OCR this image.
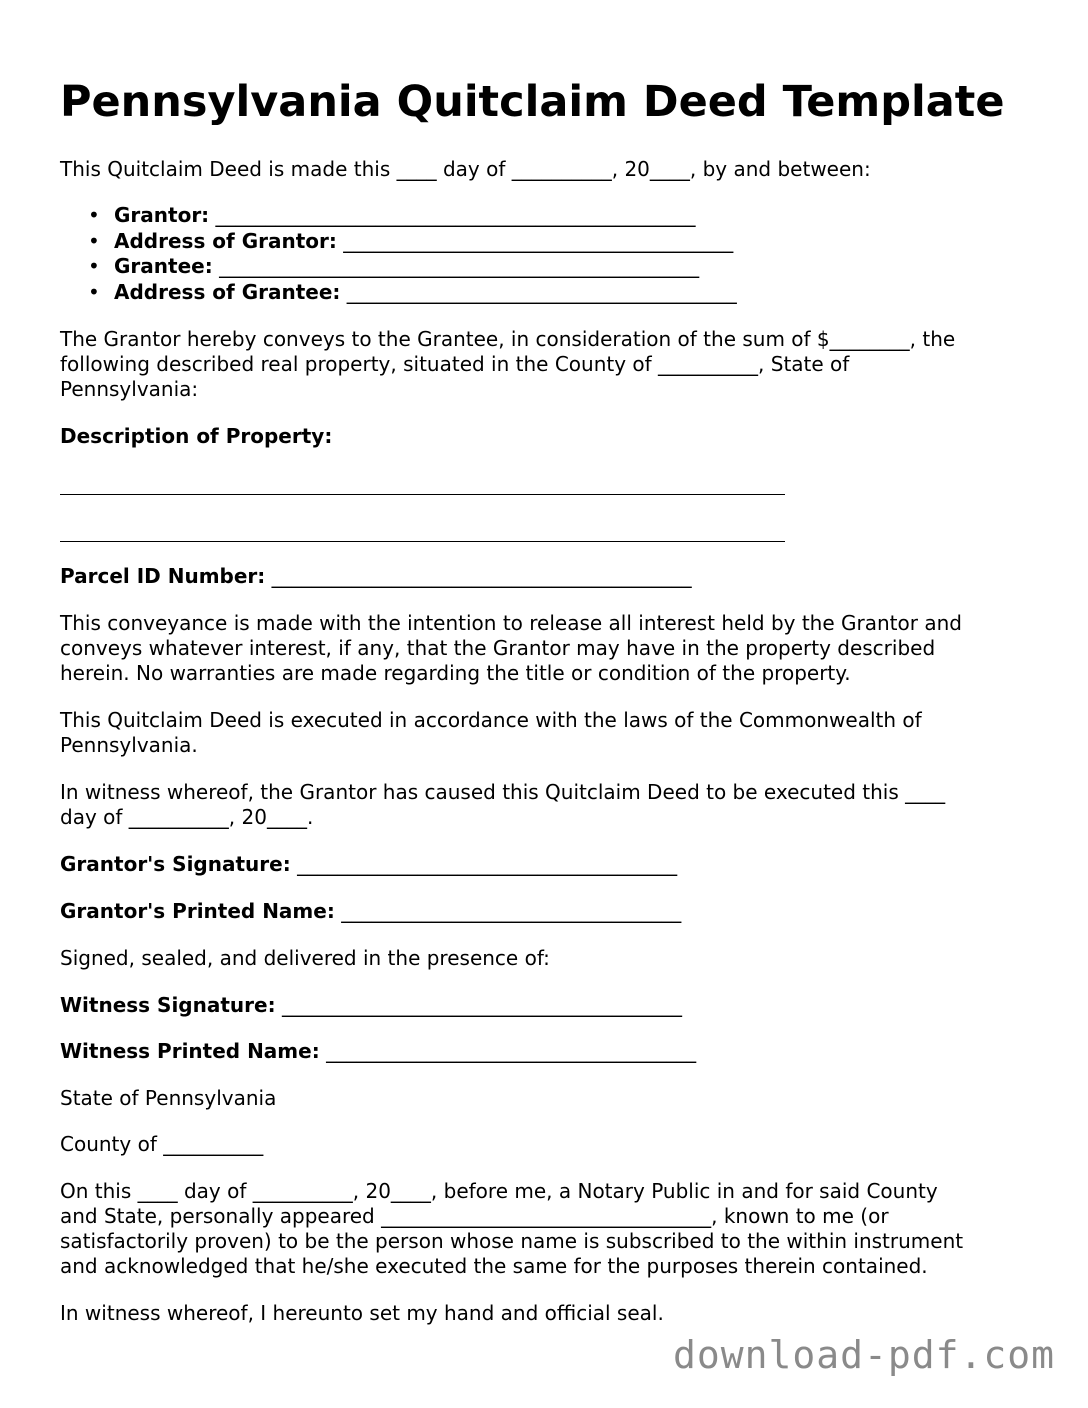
Pennsylvania Quitclaim Deed Template

This Quitclaim Deed is made this ____ day of __________, 20____, by and between:

• Grantor: ________________________________________________
• Address of Grantor: _______________________________________
• Grantee: ________________________________________________
• Address of Grantee: _______________________________________

The Grantor hereby conveys to the Grantee, in consideration of the sum of $________, the

following described real property, situated in the County of __________, State of

Pennsylvania:

Description of Property:

Parcel ID Number: __________________________________________

This conveyance is made with the intention to release all interest held by the Grantor and

conveys whatever interest, if any, that the Grantor may have in the property described

herein. No warranties are made regarding the title or condition of the property.

This Quitclaim Deed is executed in accordance with the laws of the Commonwealth of

Pennsylvania.

In witness whereof, the Grantor has caused this Quitclaim Deed to be executed this ____

day of __________, 20____.

Grantor's Signature: ______________________________________

Grantor's Printed Name: __________________________________

Signed, sealed, and delivered in the presence of:

Witness Signature: ________________________________________

Witness Printed Name: _____________________________________

State of Pennsylvania

County of __________

On this ____ day of __________, 20____, before me, a Notary Public in and for said County

and State, personally appeared _________________________________, known to me (or

satisfactorily proven) to be the person whose name is subscribed to the within instrument

and acknowledged that he/she executed the same for the purposes therein contained.

In witness whereof, I hereunto set my hand and official seal.

download-pdf.com
